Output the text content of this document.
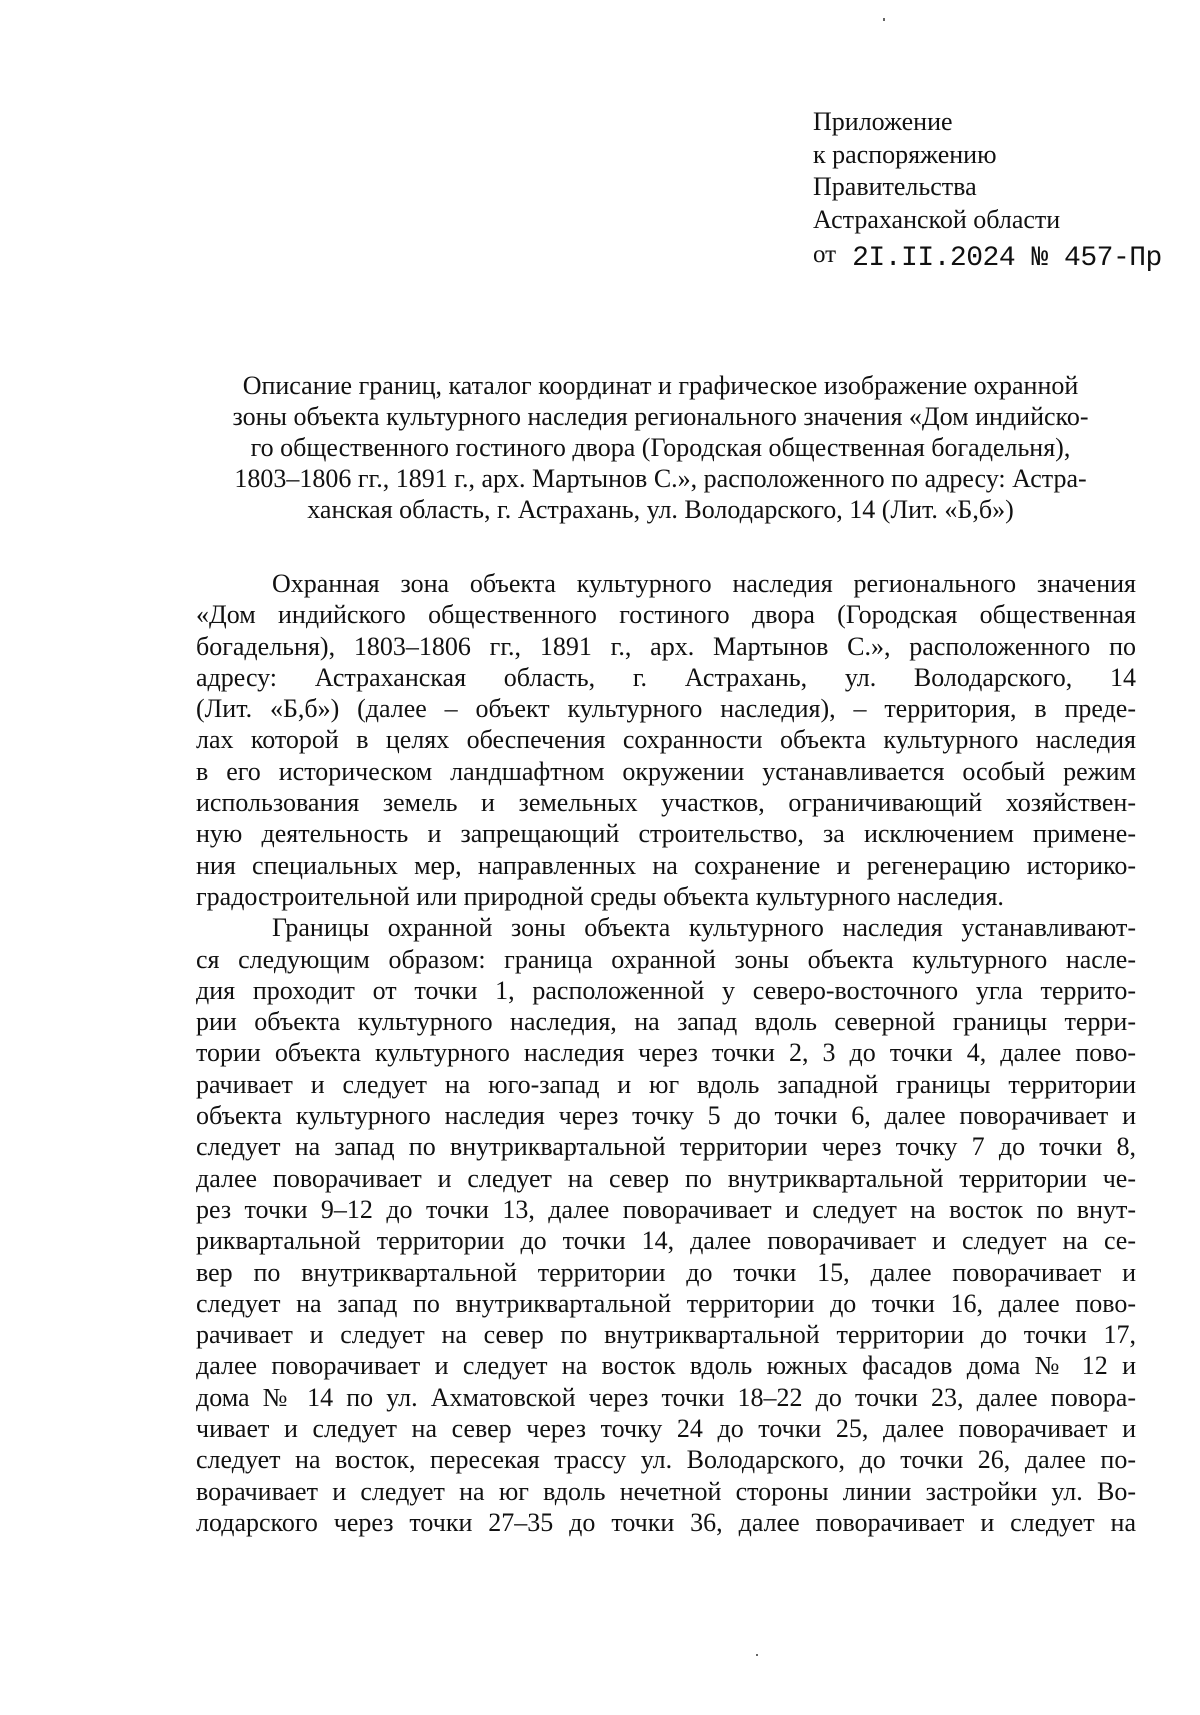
Приложение
к распоряжению
Правительства
Астраханской области
от 2I.II.2024 № 457-Пр
Описание границ, каталог координат и графическое изображение охранной
зоны объекта культурного наследия регионального значения «Дом индийско-
го общественного гостиного двора (Городская общественная богадельня),
1803–1806 гг., 1891 г., арх. Мартынов С.», расположенного по адресу: Астра-
ханская область, г. Астрахань, ул. Володарского, 14 (Лит. «Б,б»)
Охранная зона объекта культурного наследия регионального значения
«Дом индийского общественного гостиного двора (Городская общественная
богадельня), 1803–1806 гг., 1891 г., арх. Мартынов С.», расположенного по
адресу: Астраханская область, г. Астрахань, ул. Володарского, 14
(Лит. «Б,б») (далее – объект культурного наследия), – территория, в преде-
лах которой в целях обеспечения сохранности объекта культурного наследия
в его историческом ландшафтном окружении устанавливается особый режим
использования земель и земельных участков, ограничивающий хозяйствен-
ную деятельность и запрещающий строительство, за исключением примене-
ния специальных мер, направленных на сохранение и регенерацию историко-
градостроительной или природной среды объекта культурного наследия.
Границы охранной зоны объекта культурного наследия устанавливают-
ся следующим образом: граница охранной зоны объекта культурного насле-
дия проходит от точки 1, расположенной у северо-восточного угла террито-
рии объекта культурного наследия, на запад вдоль северной границы терри-
тории объекта культурного наследия через точки 2, 3 до точки 4, далее пово-
рачивает и следует на юго-запад и юг вдоль западной границы территории
объекта культурного наследия через точку 5 до точки 6, далее поворачивает и
следует на запад по внутриквартальной территории через точку 7 до точки 8,
далее поворачивает и следует на север по внутриквартальной территории че-
рез точки 9–12 до точки 13, далее поворачивает и следует на восток по внут-
риквартальной территории до точки 14, далее поворачивает и следует на се-
вер по внутриквартальной территории до точки 15, далее поворачивает и
следует на запад по внутриквартальной территории до точки 16, далее пово-
рачивает и следует на север по внутриквартальной территории до точки 17,
далее поворачивает и следует на восток вдоль южных фасадов дома № 12 и
дома № 14 по ул. Ахматовской через точки 18–22 до точки 23, далее повора-
чивает и следует на север через точку 24 до точки 25, далее поворачивает и
следует на восток, пересекая трассу ул. Володарского, до точки 26, далее по-
ворачивает и следует на юг вдоль нечетной стороны линии застройки ул. Во-
лодарского через точки 27–35 до точки 36, далее поворачивает и следует на
